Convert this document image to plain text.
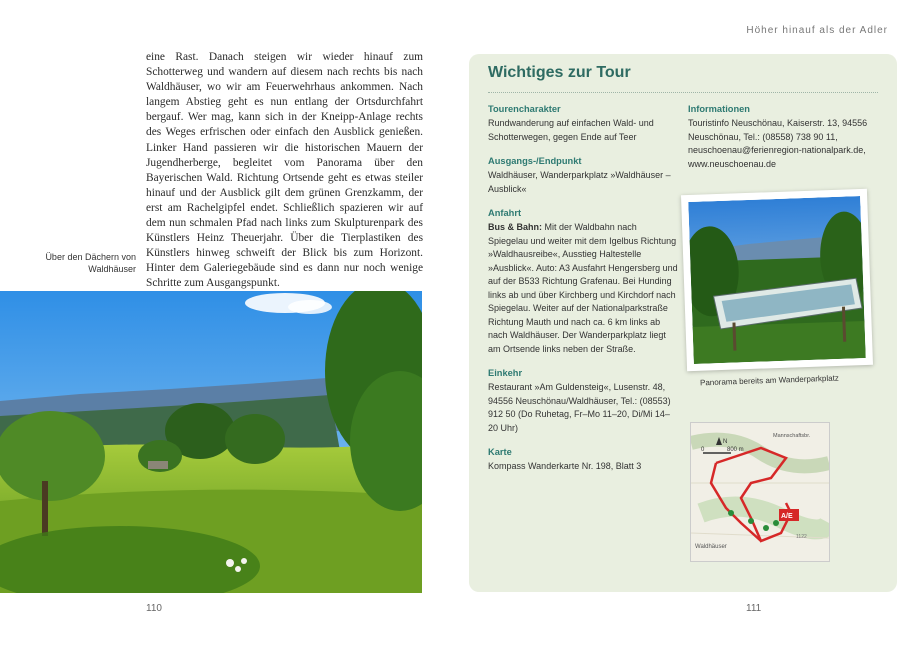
Höher hinauf als der Adler
eine Rast. Danach steigen wir wieder hinauf zum Schotterweg und wandern auf diesem nach rechts bis nach Waldhäuser, wo wir am Feuerwehrhaus ankommen. Nach langem Abstieg geht es nun entlang der Ortsdurchfahrt bergauf. Wer mag, kann sich in der Kneipp-Anlage rechts des Weges erfrischen oder einfach den Ausblick genießen. Linker Hand passieren wir die historischen Mauern der Jugendherberge, begleitet vom Panorama über den Bayerischen Wald. Richtung Ortsende geht es etwas steiler hinauf und der Ausblick gilt dem grünen Grenzkamm, der erst am Rachelgipfel endet. Schließlich spazieren wir auf dem nun schmalen Pfad nach links zum Skulpturenpark des Künstlers Heinz Theuerjahr. Über die Tierplastiken des Künstlers hinweg schweift der Blick bis zum Horizont. Hinter dem Galeriegebäude sind es dann nur noch wenige Schritte zum Ausgangspunkt.
Über den Dächern von Waldhäuser
110
Wichtiges zur Tour
Tourencharakter
Rundwanderung auf einfachen Wald- und Schotterwegen, gegen Ende auf Teer
Ausgangs-/Endpunkt
Waldhäuser, Wanderparkplatz »Waldhäuser – Ausblick«
Anfahrt
Bus & Bahn: Mit der Waldbahn nach Spiegelau und weiter mit dem Igelbus Richtung »Waldhausreibe«, Ausstieg Haltestelle »Ausblick«. Auto: A3 Ausfahrt Hengersberg und auf der B533 Richtung Grafenau. Bei Hunding links ab und über Kirchberg und Kirchdorf nach Spiegelau. Weiter auf der Nationalparkstraße Richtung Mauth und nach ca. 6 km links ab nach Waldhäuser. Der Wanderparkplatz liegt am Ortsende links neben der Straße.
Einkehr
Restaurant »Am Guldensteig«, Lusenstr. 48, 94556 Neuschönau/Waldhäuser, Tel.: (08553) 912 50 (Do Ruhetag, Fr–Mo 11–20, Di/Mi 14–20 Uhr)
Karte
Kompass Wanderkarte Nr. 198, Blatt 3
Informationen
Touristinfo Neuschönau, Kaiserstr. 13, 94556 Neuschönau, Tel.: (08558) 738 90 11, neuschoenau@ferienregion-nationalpark.de, www.neuschoenau.de
Panorama bereits am Wanderparkplatz
A/E
0	800 m
N
Mannschaftsbr.
Waldhäuser
1122
111
